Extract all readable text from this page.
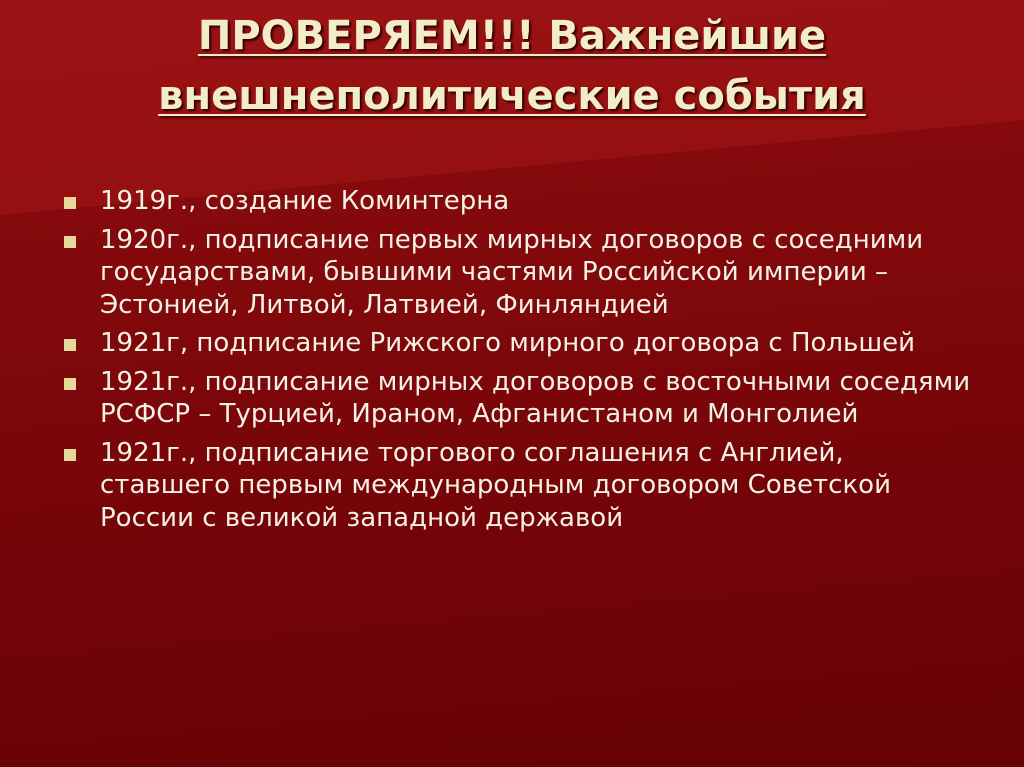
ПРОВЕРЯЕМ!!! Важнейшие
внешнеполитические события
1919г., создание Коминтерна
1920г., подписание первых мирных договоров с соседними государствами, бывшими частями Российской империи – Эстонией, Литвой, Латвией, Финляндией
1921г, подписание Рижского мирного договора с Польшей
1921г., подписание мирных договоров с восточными соседями РСФСР – Турцией, Ираном, Афганистаном и Монголией
1921г., подписание торгового соглашения с Англией, ставшего первым международным договором Советской России с великой западной державой
